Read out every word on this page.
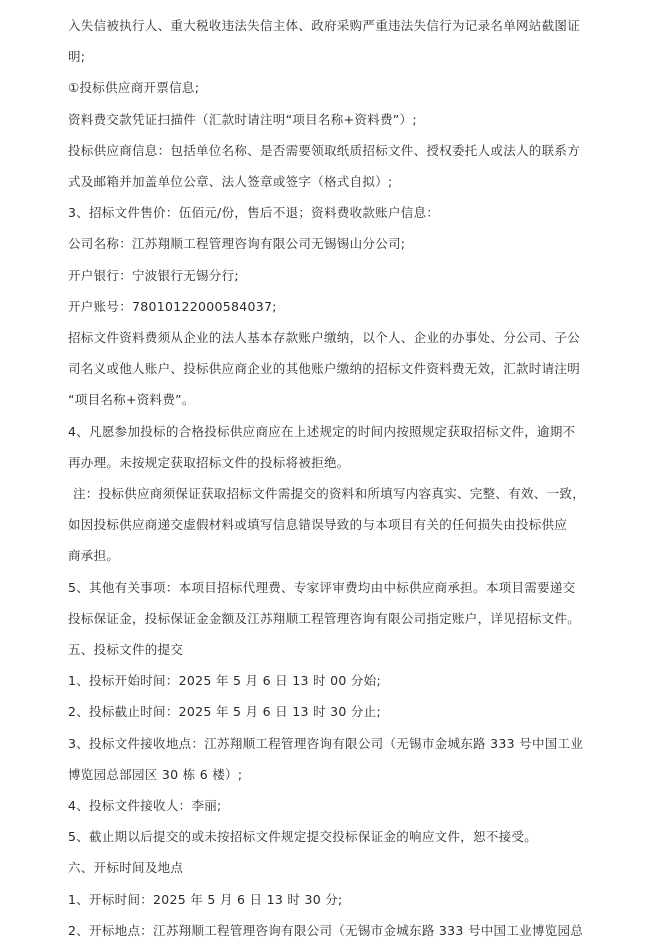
入失信被执行人、重大税收违法失信主体、政府采购严重违法失信行为记录名单网站截图证
明;

①投标供应商开票信息;

资料费交款凭证扫描件（汇款时请注明“项目名称+资料费”）;

投标供应商信息：包括单位名称、是否需要领取纸质招标文件、授权委托人或法人的联系方
式及邮箱并加盖单位公章、法人签章或签字（格式自拟）;

3、招标文件售价：伍佰元/份，售后不退；资料费收款账户信息：

公司名称：江苏翔顺工程管理咨询有限公司无锡锡山分公司;

开户银行：宁波银行无锡分行;

开户账号：78010122000584037;

招标文件资料费须从企业的法人基本存款账户缴纳，以个人、企业的办事处、分公司、子公
司名义或他人账户、投标供应商企业的其他账户缴纳的招标文件资料费无效，汇款时请注明
“项目名称+资料费”。

4、凡愿参加投标的合格投标供应商应在上述规定的时间内按照规定获取招标文件，逾期不
再办理。未按规定获取招标文件的投标将被拒绝。

注：投标供应商须保证获取招标文件需提交的资料和所填写内容真实、完整、有效、一致，
如因投标供应商递交虚假材料或填写信息错误导致的与本项目有关的任何损失由投标供应
商承担。

5、其他有关事项：本项目招标代理费、专家评审费均由中标供应商承担。本项目需要递交
投标保证金，投标保证金金额及江苏翔顺工程管理咨询有限公司指定账户，详见招标文件。

五、投标文件的提交

1、投标开始时间：2025 年 5 月 6 日 13 时 00 分始;

2、投标截止时间：2025 年 5 月 6 日 13 时 30 分止;

3、投标文件接收地点：江苏翔顺工程管理咨询有限公司（无锡市金城东路 333 号中国工业
博览园总部园区 30 栋 6 楼）;

4、投标文件接收人：李丽;

5、截止期以后提交的或未按招标文件规定提交投标保证金的响应文件，恕不接受。

六、开标时间及地点

1、开标时间：2025 年 5 月 6 日 13 时 30 分;

2、开标地点：江苏翔顺工程管理咨询有限公司（无锡市金城东路 333 号中国工业博览园总
